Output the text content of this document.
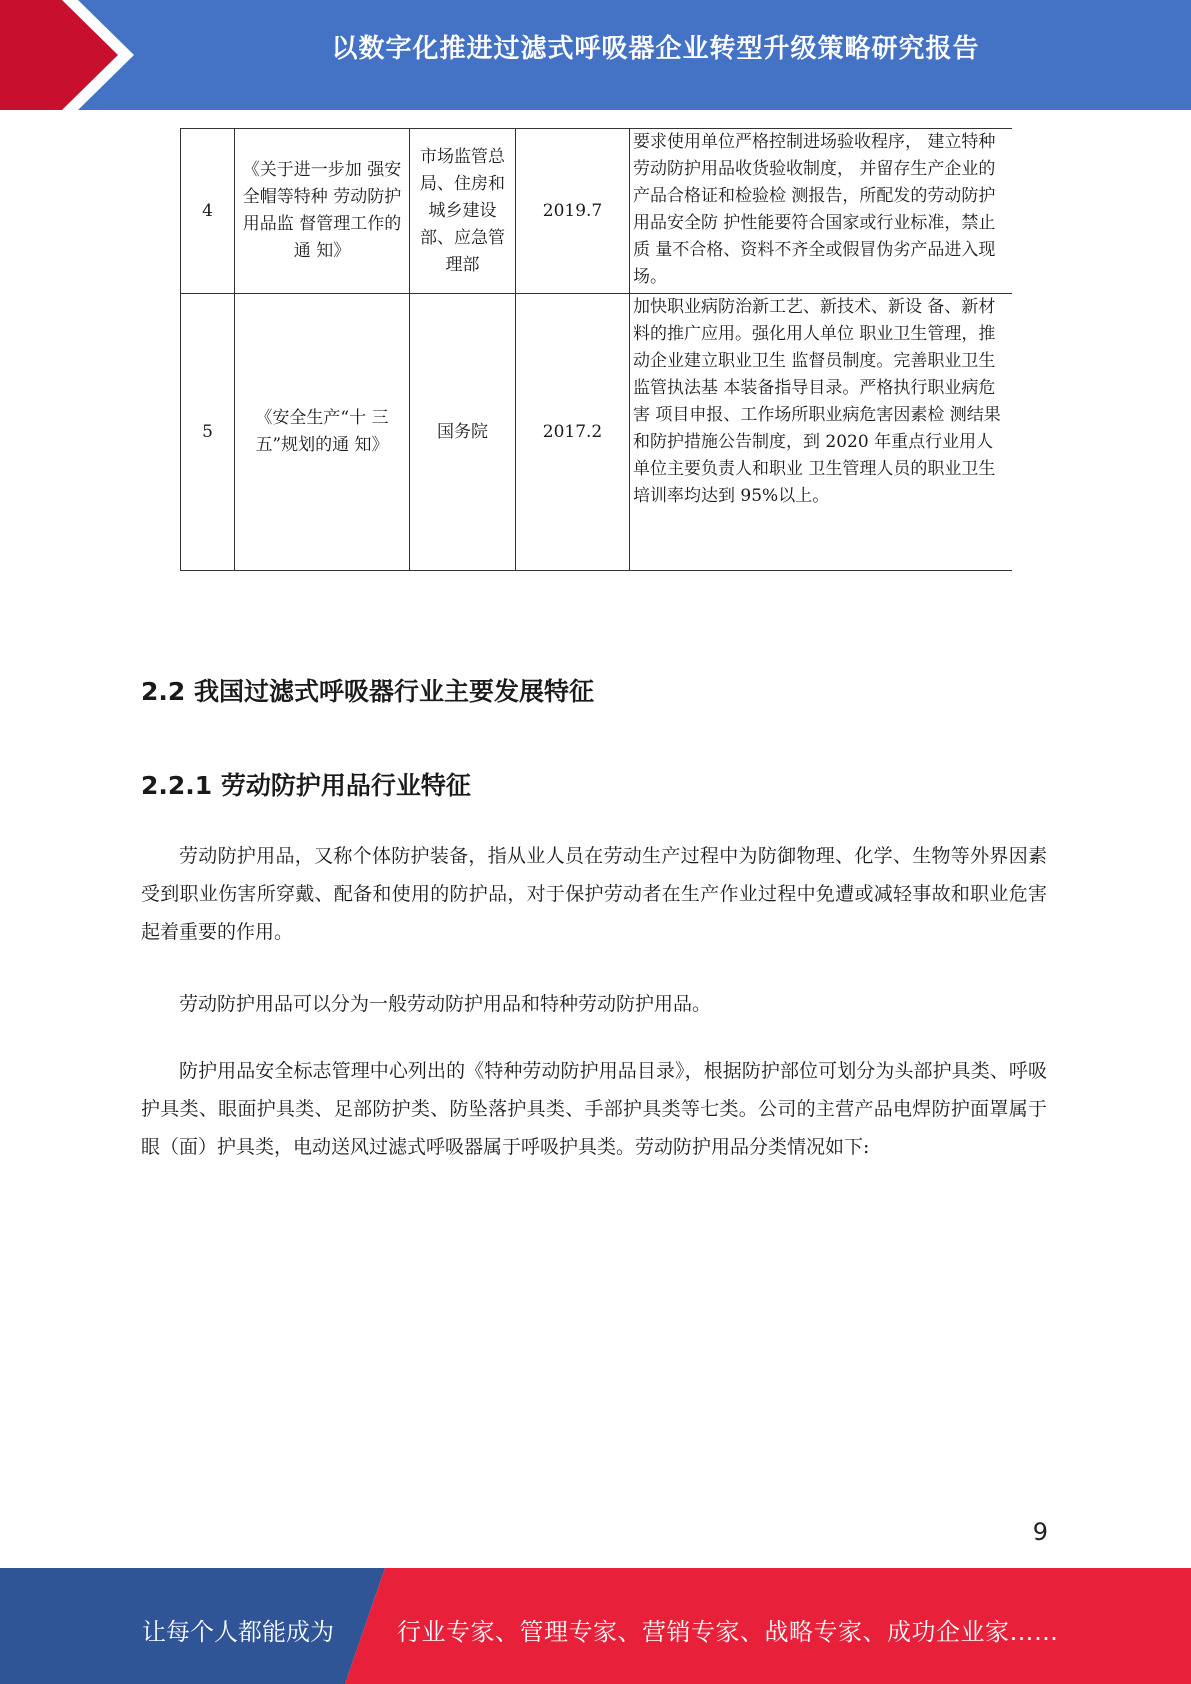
以数字化推进过滤式呼吸器企业转型升级策略研究报告
4	《关于进一步加 强安全帽等特种 劳动防护用品监 督管理工作的通 知》	市场监管总局、住房和城乡建设部、应急管理部	2019.7	要求使用单位严格控制进场验收程序， 建立特种劳动防护用品收货验收制度， 并留存生产企业的产品合格证和检验检 测报告，所配发的劳动防护用品安全防 护性能要符合国家或行业标准，禁止质 量不合格、资料不齐全或假冒伪劣产品进入现场。
5	《安全生产“十 三五”规划的通 知》	国务院	2017.2	加快职业病防治新工艺、新技术、新设 备、新材料的推广应用。强化用人单位 职业卫生管理，推动企业建立职业卫生 监督员制度。完善职业卫生监管执法基 本装备指导目录。严格执行职业病危害 项目申报、工作场所职业病危害因素检 测结果和防护措施公告制度，到 2020 年重点行业用人单位主要负责人和职业 卫生管理人员的职业卫生培训率均达到 95%以上。
2.2 我国过滤式呼吸器行业主要发展特征
2.2.1 劳动防护用品行业特征

劳动防护用品，又称个体防护装备，指从业人员在劳动生产过程中为防御物理、化学、生物等外界因素受到职业伤害所穿戴、配备和使用的防护品，对于保护劳动者在生产作业过程中免遭或减轻事故和职业危害起着重要的作用。

劳动防护用品可以分为一般劳动防护用品和特种劳动防护用品。

防护用品安全标志管理中心列出的《特种劳动防护用品目录》，根据防护部位可划分为头部护具类、呼吸护具类、眼面护具类、足部防护类、防坠落护具类、手部护具类等七类。公司的主营产品电焊防护面罩属于眼（面）护具类，电动送风过滤式呼吸器属于呼吸护具类。劳动防护用品分类情况如下:

9
让每个人都能成为	行业专家、管理专家、营销专家、战略专家、成功企业家……
